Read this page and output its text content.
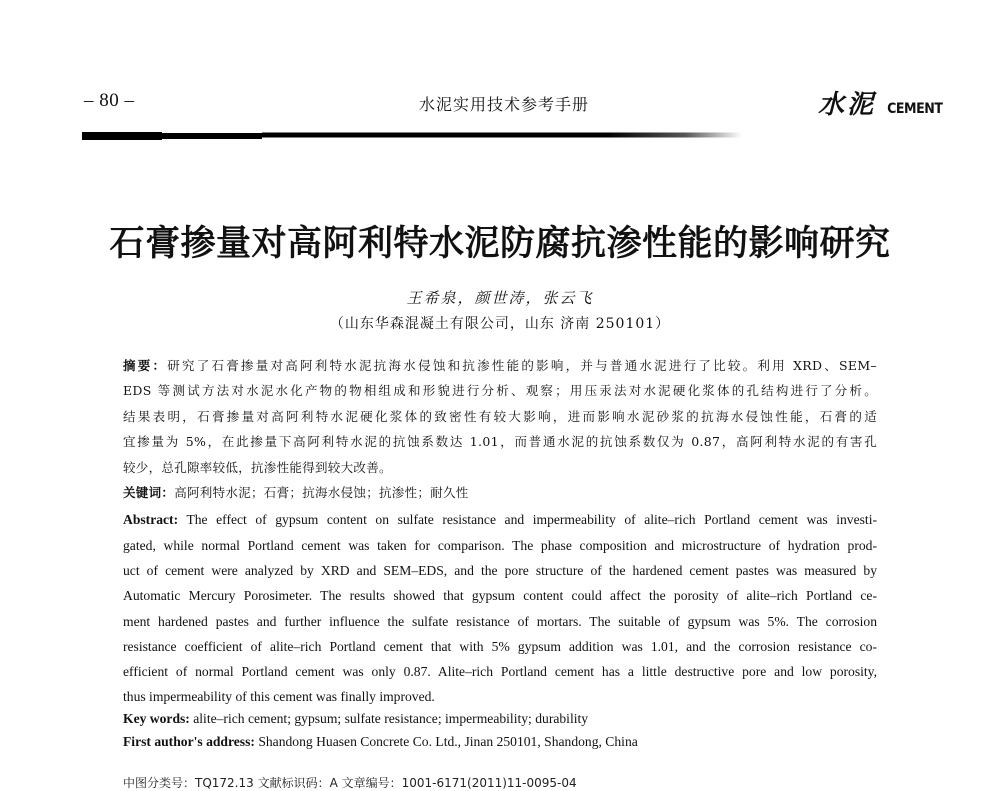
– 80 –	水泥实用技术参考手册	水泥 CEMENT
石膏掺量对高阿利特水泥防腐抗渗性能的影响研究
王希泉，颜世涛，张云飞
（山东华森混凝土有限公司，山东 济南 250101）
摘要：研究了石膏掺量对高阿利特水泥抗海水侵蚀和抗渗性能的影响，并与普通水泥进行了比较。利用 XRD、SEM–
EDS 等测试方法对水泥水化产物的物相组成和形貌进行分析、观察；用压汞法对水泥硬化浆体的孔结构进行了分析。
结果表明，石膏掺量对高阿利特水泥硬化浆体的致密性有较大影响，进而影响水泥砂浆的抗海水侵蚀性能，石膏的适
宜掺量为 5%，在此掺量下高阿利特水泥的抗蚀系数达 1.01，而普通水泥的抗蚀系数仅为 0.87，高阿利特水泥的有害孔
较少，总孔隙率较低，抗渗性能得到较大改善。
关键词：高阿利特水泥；石膏；抗海水侵蚀；抗渗性；耐久性
Abstract: The effect of gypsum content on sulfate resistance and impermeability of alite–rich Portland cement was investi-
gated, while normal Portland cement was taken for comparison. The phase composition and microstructure of hydration prod-
uct of cement were analyzed by XRD and SEM–EDS, and the pore structure of the hardened cement pastes was measured by
Automatic Mercury Porosimeter. The results showed that gypsum content could affect the porosity of alite–rich Portland ce-
ment hardened pastes and further influence the sulfate resistance of mortars. The suitable of gypsum was 5%. The corrosion
resistance coefficient of alite–rich Portland cement that with 5% gypsum addition was 1.01, and the corrosion resistance co-
efficient of normal Portland cement was only 0.87. Alite–rich Portland cement has a little destructive pore and low porosity,
thus impermeability of this cement was finally improved.
Key words: alite–rich cement; gypsum; sulfate resistance; impermeability; durability
First author's address: Shandong Huasen Concrete Co. Ltd., Jinan 250101, Shandong, China
中图分类号：TQ172.13 文献标识码：A 文章编号：1001-6171(2011)11-0095-04
